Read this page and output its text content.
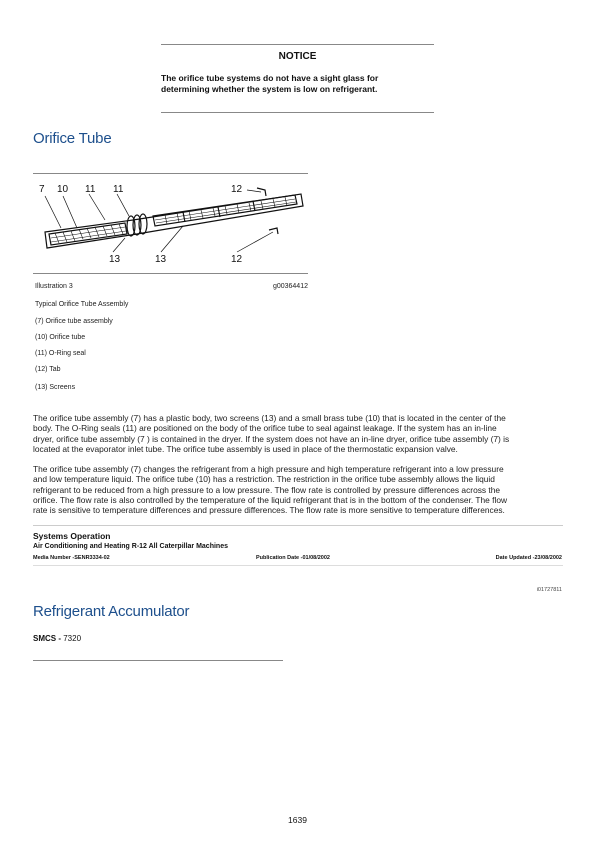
NOTICE
The orifice tube systems do not have a sight glass for
determining whether the system is low on refrigerant.
Orifice Tube
7 10 11 11	12
13	13	12
Illustration 3	g00364412
Typical Orifice Tube Assembly
(7) Orifice tube assembly
(10) Orifice tube
(11) O-Ring seal
(12) Tab
(13) Screens
The orifice tube assembly (7) has a plastic body, two screens (13) and a small brass tube (10) that is located in the center of the
body. The O-Ring seals (11) are positioned on the body of the orifice tube to seal against leakage. If the system has an in-line
dryer, orifice tube assembly (7 ) is contained in the dryer. If the system does not have an in-line dryer, orifice tube assembly (7) is
located at the evaporator inlet tube. The orifice tube assembly is used in place of the thermostatic expansion valve.
The orifice tube assembly (7) changes the refrigerant from a high pressure and high temperature refrigerant into a low pressure
and low temperature liquid. The orifice tube (10) has a restriction. The restriction in the orifice tube assembly allows the liquid
refrigerant to be reduced from a high pressure to a low pressure. The flow rate is controlled by pressure differences across the
orifice. The flow rate is also controlled by the temperature of the liquid refrigerant that is in the bottom of the condenser. The flow
rate is sensitive to temperature differences and pressure differences. The flow rate is more sensitive to temperature differences.
Systems Operation
Air Conditioning and Heating R-12 All Caterpillar Machines
Media Number -SENR3334-02	Publication Date -01/08/2002	Date Updated -23/08/2002
i01727811
Refrigerant Accumulator
SMCS - 7320
1639
